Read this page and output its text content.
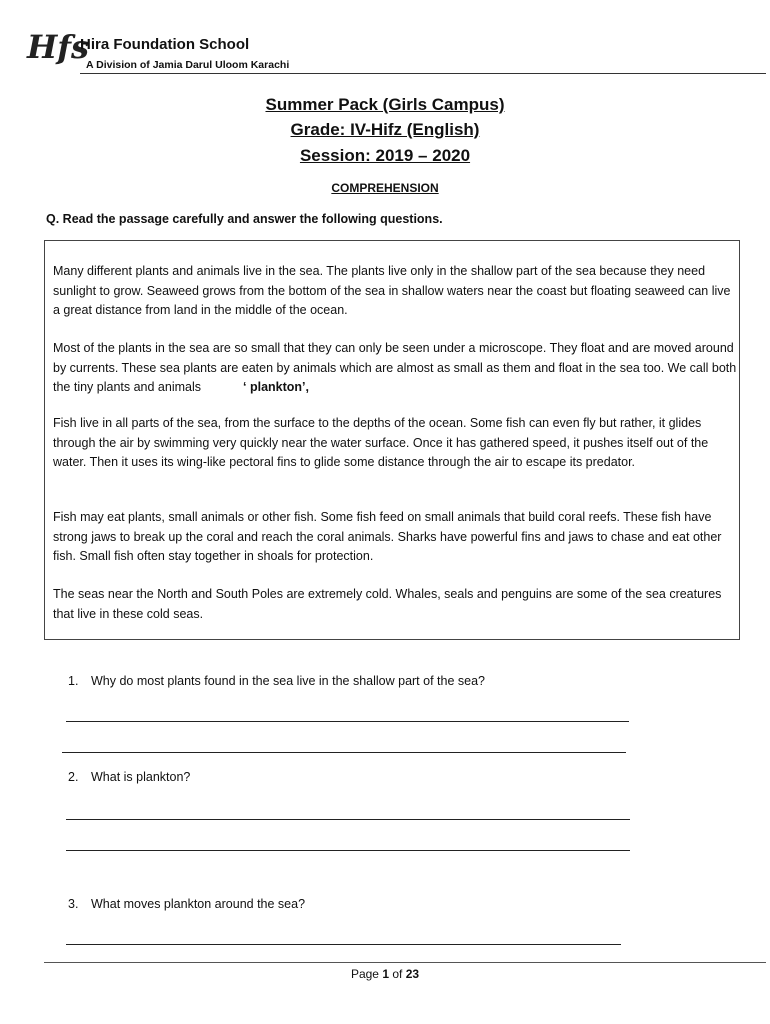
Hfs
Hira Foundation School
A Division of Jamia Darul Uloom Karachi
Summer Pack (Girls Campus)
Grade: IV-Hifz (English)
Session: 2019 – 2020
COMPREHENSION
Q. Read the passage carefully and answer the following questions.
Many different plants and animals live in the sea. The plants live only in the shallow part of the sea because they need sunlight to grow. Seaweed grows from the bottom of the sea in shallow waters near the coast but floating seaweed can live a great distance from land in the middle of the ocean.
Most of the plants in the sea are so small that they can only be seen under a microscope. They float and are moved around by currents. These sea plants are eaten by animals which are almost as small as them and float in the sea too. We call both the tiny plants and animals	‘ plankton’,
Fish live in all parts of the sea, from the surface to the depths of the ocean. Some fish can even fly but rather, it glides through the air by swimming very quickly near the water surface. Once it has gathered speed, it pushes itself out of the water. Then it uses its wing-like pectoral fins to glide some distance through the air to escape its predator.
Fish may eat plants, small animals or other fish. Some fish feed on small animals that build coral reefs. These fish have strong jaws to break up the coral and reach the coral animals. Sharks have powerful fins and jaws to chase and eat other fish. Small fish often stay together in shoals for protection.
The seas near the North and South Poles are extremely cold. Whales, seals and penguins are some of the sea creatures that live in these cold seas.
1. Why do most plants found in the sea live in the shallow part of the sea?
2. What is plankton?
3. What moves plankton around the sea?
Page 1 of 23
